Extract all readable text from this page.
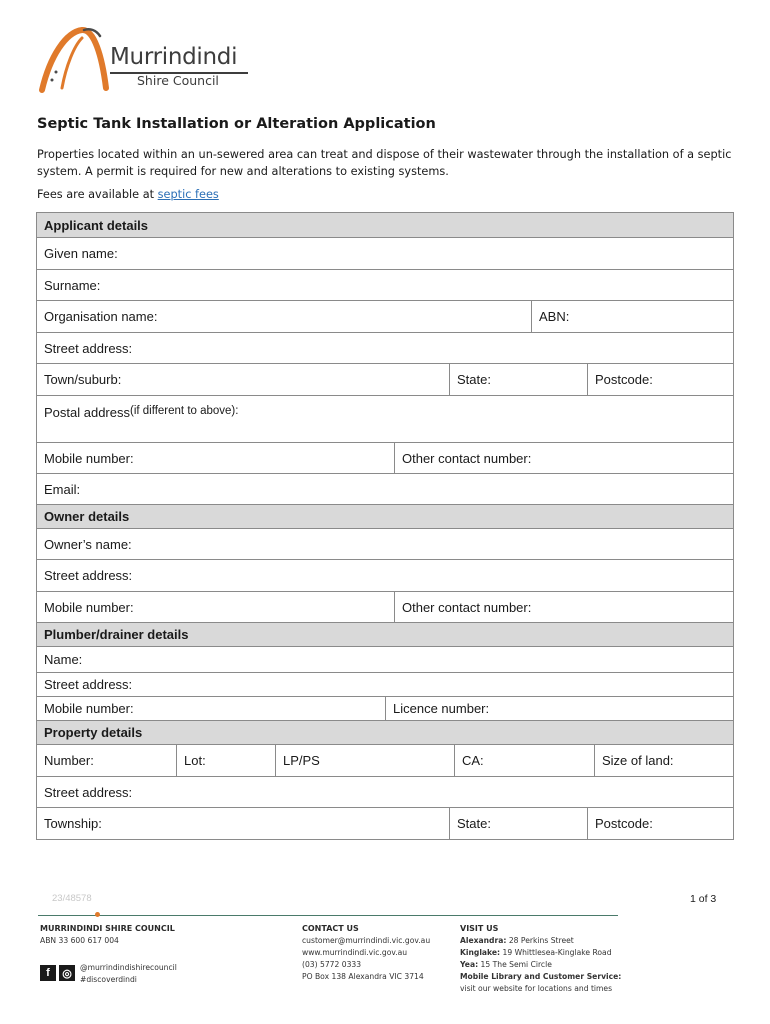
Murrindindi
Shire Council
Septic Tank Installation or Alteration Application
Properties located within an un-sewered area can treat and dispose of their wastewater through the installation of a septic system. A permit is required for new and alterations to existing systems.
Fees are available at septic fees
Applicant details
Given name:
Surname:
Organisation name:	ABN:
Street address:
Town/suburb:	State:	Postcode:
Postal address (if different to above):
Mobile number:	Other contact number:
Email:
Owner details
Owner’s name:
Street address:
Mobile number:	Other contact number:
Plumber/drainer details
Name:
Street address:
Mobile number:	Licence number:
Property details
Number:	Lot:	LP/PS	CA:	Size of land:
Street address:
Township:	State:	Postcode:
23/48578	1 of 3
MURRINDINDI SHIRE COUNCIL
ABN 33 600 617 004
f	◎	@murrindindishirecouncil
#discoverdindi
CONTACT US
customer@murrindindi.vic.gov.au
www.murrindindi.vic.gov.au
(03) 5772 0333
PO Box 138 Alexandra VIC 3714
VISIT US
Alexandra: 28 Perkins Street
Kinglake: 19 Whittlesea-Kinglake Road
Yea: 15 The Semi Circle
Mobile Library and Customer Service:
visit our website for locations and times
